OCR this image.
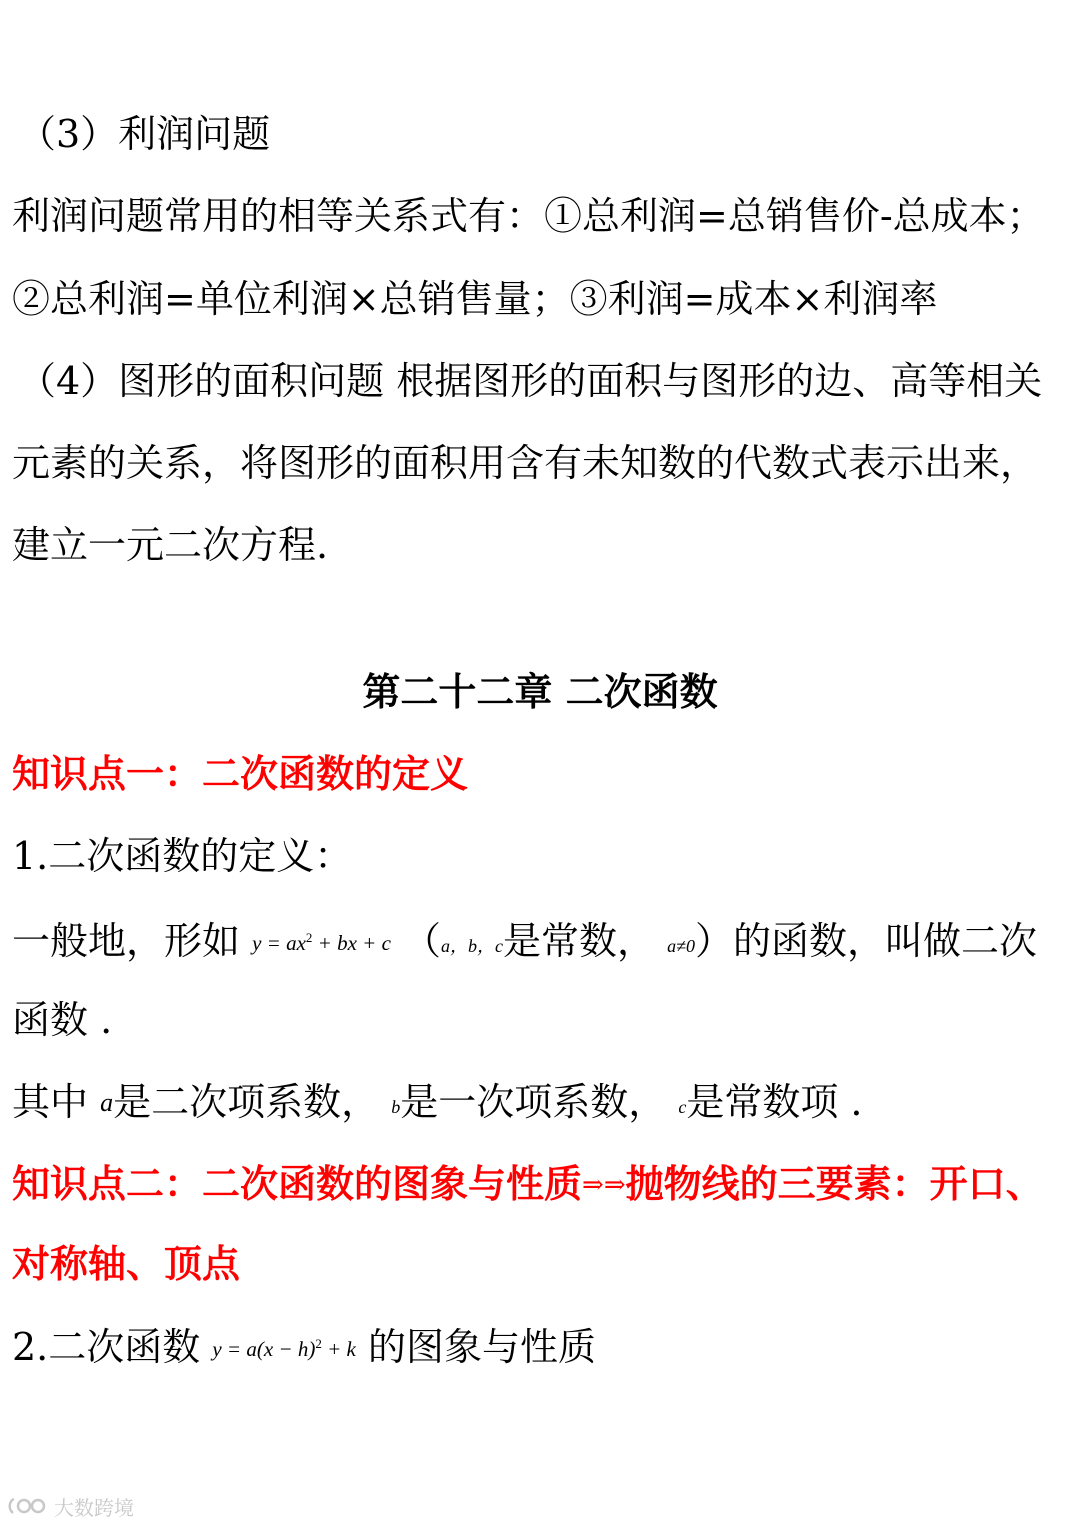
（3）利润问题
利润问题常用的相等关系式有：①总利润=总销售价-总成本；
②总利润=单位利润×总销售量；③利润=成本×利润率
（4）图形的面积问题 根据图形的面积与图形的边、高等相关
元素的关系，将图形的面积用含有未知数的代数式表示出来，
建立一元二次方程.
第二十二章 二次函数
知识点一：二次函数的定义
1.二次函数的定义：
一般地，形如 $y = ax^2$ + bx + c （a，b，c是常数， a≠0）的函数，叫做二次
函数 .
其中 a是二次项系数， b是一次项系数， c是常数项 .
知识点二：二次函数的图象与性质⇒⇒抛物线的三要素：开口、
对称轴、顶点
2.二次函数 $y = a(x - h)^2 + k$ 的图象与性质
大数跨境
